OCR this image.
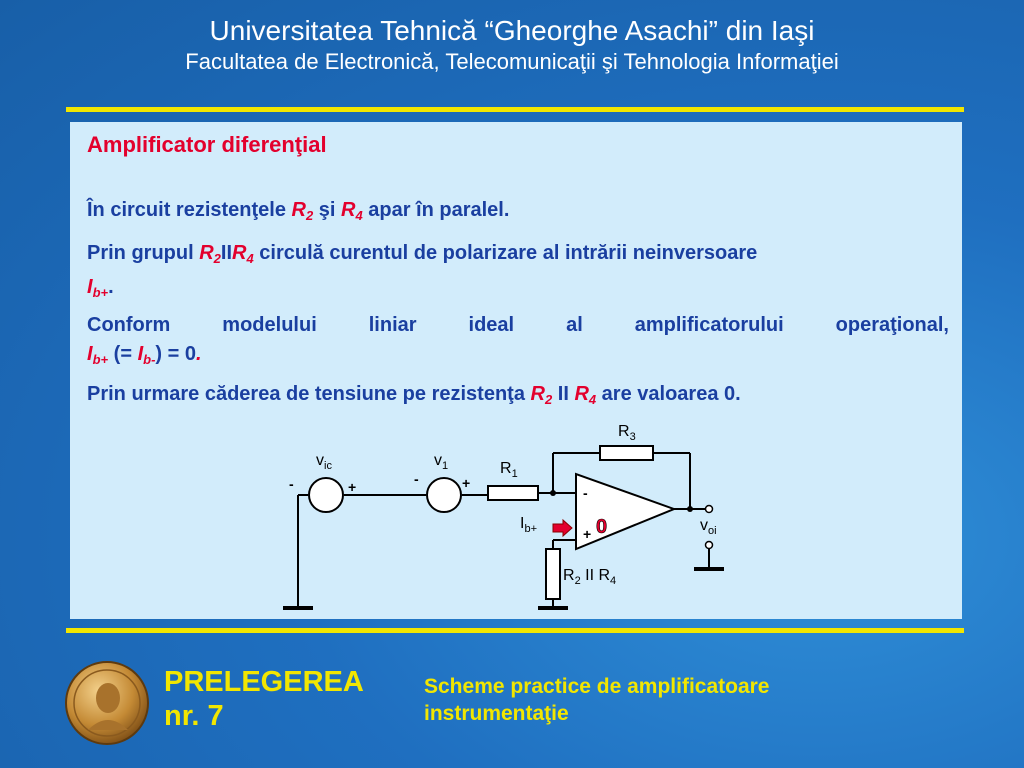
Universitatea Tehnică “Gheorghe Asachi” din Iaşi
Facultatea de Electronică, Telecomunicaţii şi Tehnologia Informaţiei
Amplificator diferenţial
În circuit rezistenţele $R_2$ şi $R_4$ apar în paralel.
Prin grupul $R_2IIR_4$ circulă curentul de polarizare al intrării neinversoare
$I_{b+}$.
Conform modelului liniar ideal al amplificatorului operaţional,
$I_{b+}$ (= $I_{b-}) = 0$.
Prin urmare căderea de tensiune pe rezistenţa $R_2$ II $R_4$ are valoarea 0.
$v_{ic}$	$v_1$	$R_1$
$R_3$
$I_{b+}$
$R_2$ II $R_4$
$v_{oi}$
-	+	-	+
-
+ 0
PRELEGEREA
nr. 7
Scheme practice de amplificatoare
instrumentaţie
